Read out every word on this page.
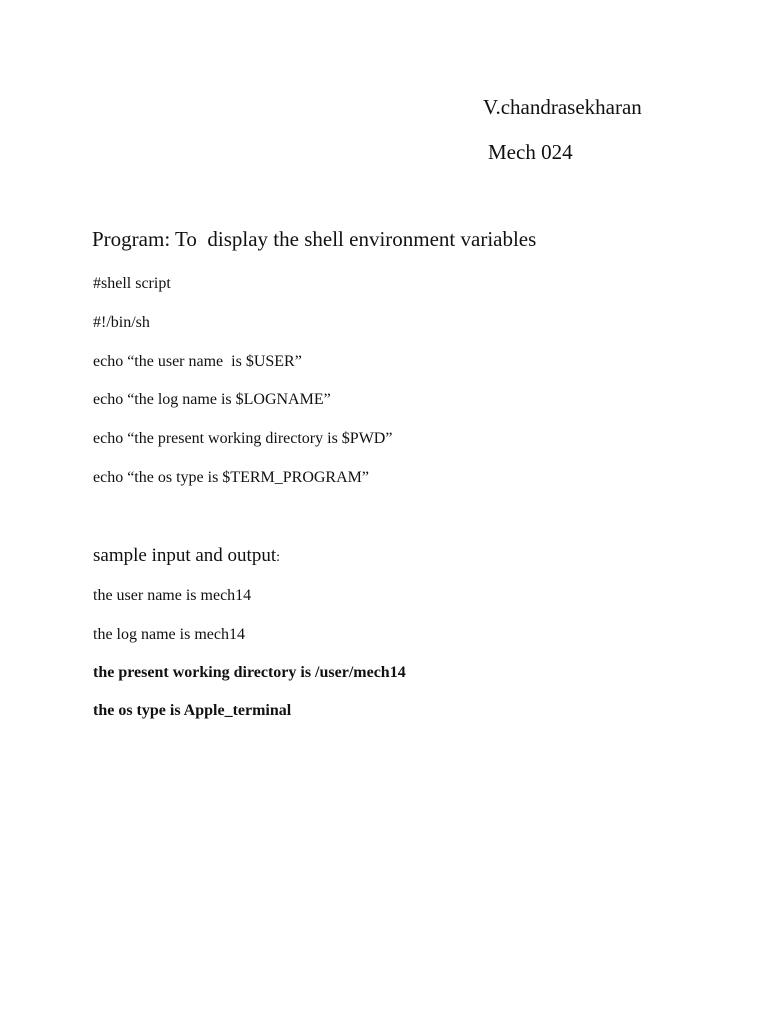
V.chandrasekharan
Mech 024
Program: To  display the shell environment variables
#shell script
#!/bin/sh
echo “the user name  is $USER”
echo “the log name is $LOGNAME”
echo “the present working directory is $PWD”
echo “the os type is $TERM_PROGRAM”
sample input and output:
the user name is mech14
the log name is mech14
the present working directory is /user/mech14
the os type is Apple_terminal
